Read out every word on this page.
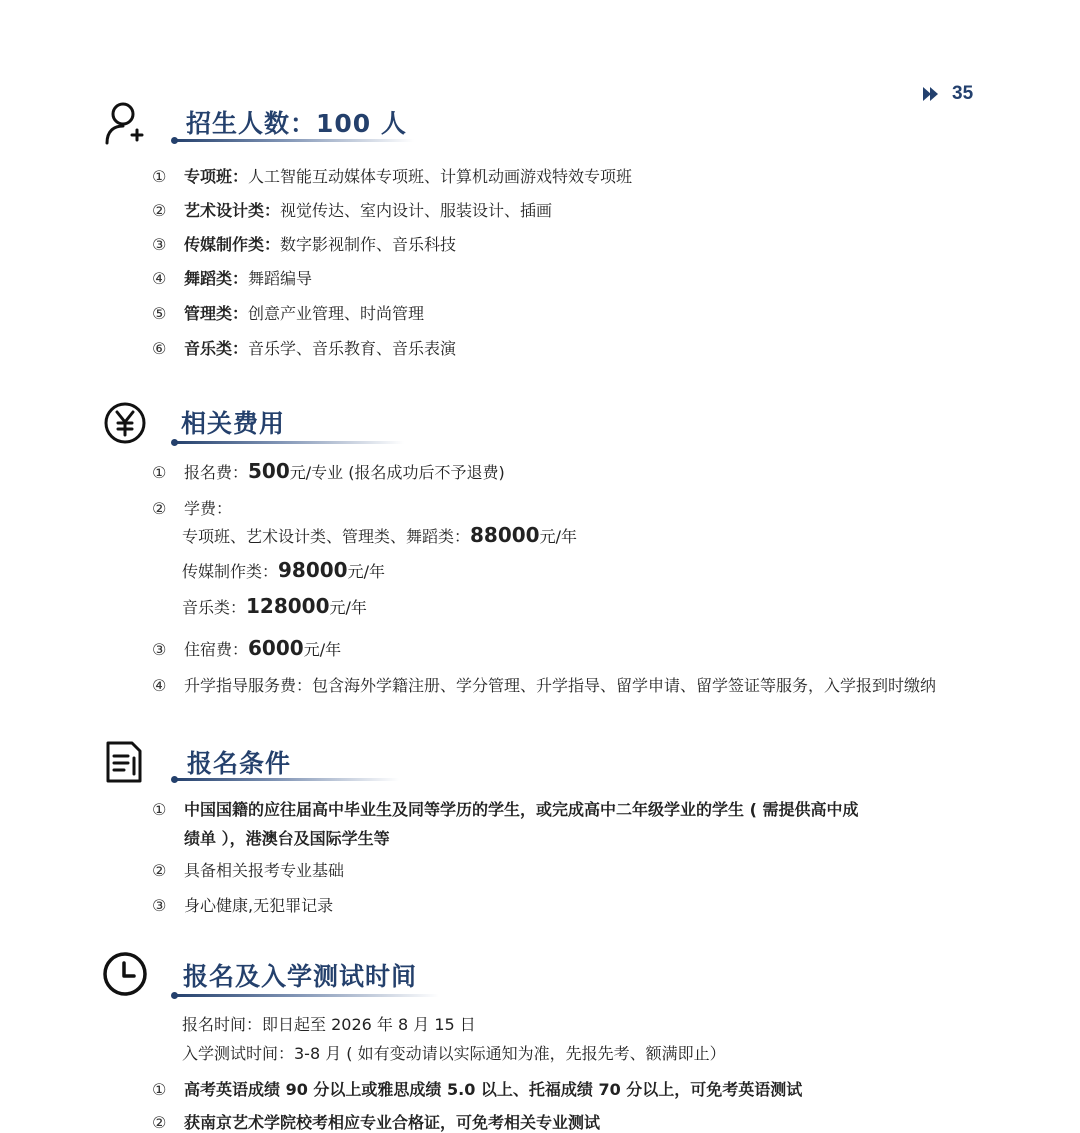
35
招生人数：100 人
① 专项班：人工智能互动媒体专项班、计算机动画游戏特效专项班
② 艺术设计类：视觉传达、室内设计、服装设计、插画
③ 传媒制作类：数字影视制作、音乐科技
④ 舞蹈类：舞蹈编导
⑤ 管理类：创意产业管理、时尚管理
⑥ 音乐类：音乐学、音乐教育、音乐表演
相关费用
① 报名费：500元/专业 (报名成功后不予退费)
② 学费：
专项班、艺术设计类、管理类、舞蹈类：88000元/年
传媒制作类：98000元/年
音乐类：128000元/年
③ 住宿费：6000元/年
④ 升学指导服务费：包含海外学籍注册、学分管理、升学指导、留学申请、留学签证等服务，入学报到时缴纳
报名条件
① 中国国籍的应往届高中毕业生及同等学历的学生，或完成高中二年级学业的学生 ( 需提供高中成
绩单 ），港澳台及国际学生等
② 具备相关报考专业基础
③ 身心健康,无犯罪记录
报名及入学测试时间
报名时间：即日起至 2026 年 8 月 15 日
入学测试时间：3-8 月 ( 如有变动请以实际通知为准，先报先考、额满即止）
① 高考英语成绩 90 分以上或雅思成绩 5.0 以上、托福成绩 70 分以上，可免考英语测试
② 获南京艺术学院校考相应专业合格证，可免考相关专业测试
